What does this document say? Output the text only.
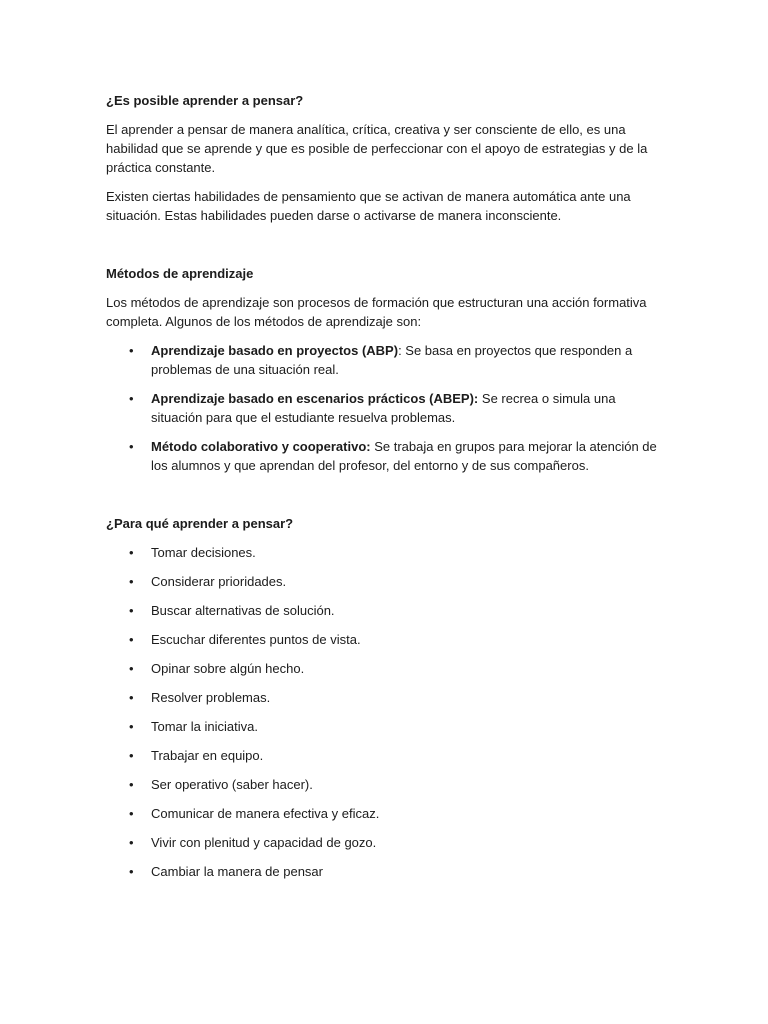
¿Es posible aprender a pensar?

El aprender a pensar de manera analítica, crítica, creativa y ser consciente de ello, es una habilidad que se aprende y que es posible de perfeccionar con el apoyo de estrategias y de la práctica constante.

Existen ciertas habilidades de pensamiento que se activan de manera automática ante una situación. Estas habilidades pueden darse o activarse de manera inconsciente.

Métodos de aprendizaje

Los métodos de aprendizaje son procesos de formación que estructuran una acción formativa completa. Algunos de los métodos de aprendizaje son:

• Aprendizaje basado en proyectos (ABP): Se basa en proyectos que responden a problemas de una situación real.
• Aprendizaje basado en escenarios prácticos (ABEP): Se recrea o simula una situación para que el estudiante resuelva problemas.
• Método colaborativo y cooperativo: Se trabaja en grupos para mejorar la atención de los alumnos y que aprendan del profesor, del entorno y de sus compañeros.

¿Para qué aprender a pensar?

• Tomar decisiones.
• Considerar prioridades.
• Buscar alternativas de solución.
• Escuchar diferentes puntos de vista.
• Opinar sobre algún hecho.
• Resolver problemas.
• Tomar la iniciativa.
• Trabajar en equipo.
• Ser operativo (saber hacer).
• Comunicar de manera efectiva y eficaz.
• Vivir con plenitud y capacidad de gozo.
• Cambiar la manera de pensar
